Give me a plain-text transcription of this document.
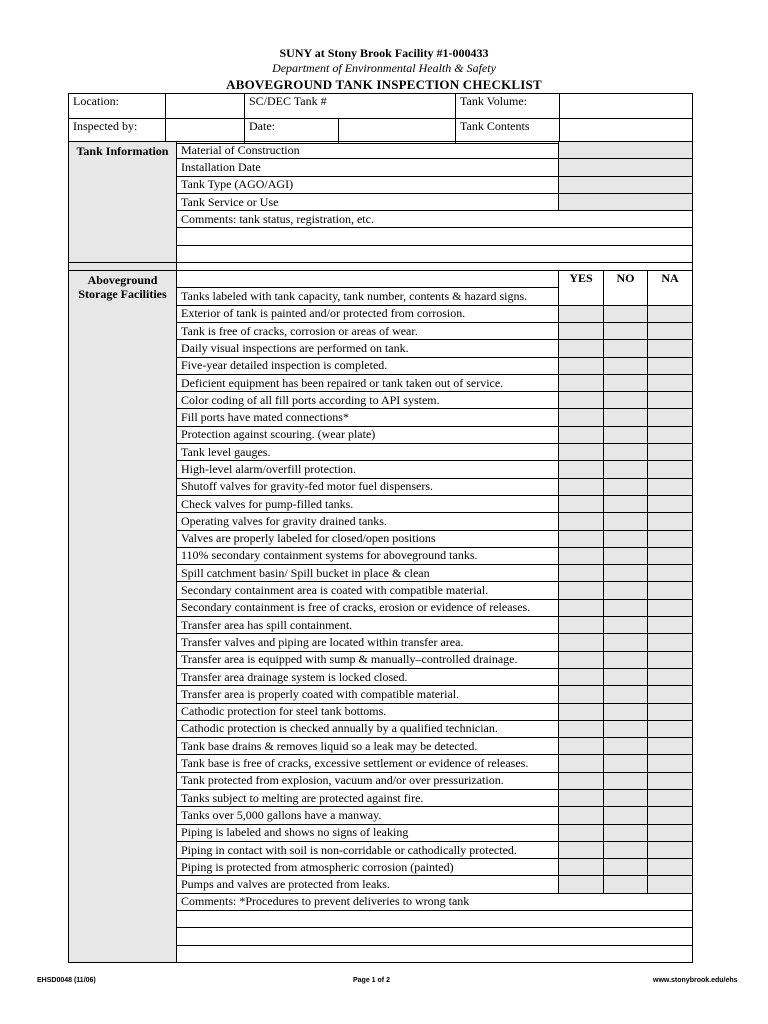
SUNY at Stony Brook Facility #1-000433
Department of Environmental Health & Safety
ABOVEGROUND TANK INSPECTION CHECKLIST
Location:		SC/DEC Tank #		Tank Volume:	
Inspected by:		Date:		Tank Contents	
Tank Information	Material of Construction			
	Installation Date			
	Tank Type (AGO/AGI)			
	Tank Service or Use			
	Comments: tank status, registration, etc.			

Aboveground Storage Facilities		YES	NO	NA
	Tanks labeled with tank capacity, tank number, contents & hazard signs.			
	Exterior of tank is painted and/or protected from corrosion.			
	Tank is free of cracks, corrosion or areas of wear.			
	Daily visual inspections are performed on tank.			
	Five-year detailed inspection is completed.			
	Deficient equipment has been repaired or tank taken out of service.			
	Color coding of all fill ports according to API system.			
	Fill ports have mated connections*			
	Protection against scouring. (wear plate)			
	Tank level gauges.			
	High-level alarm/overfill protection.			
	Shutoff valves for gravity-fed motor fuel dispensers.			
	Check valves for pump-filled tanks.			
	Operating valves for gravity drained tanks.			
	Valves are properly labeled for closed/open positions			
	110% secondary containment systems for aboveground tanks.			
	Spill catchment basin/ Spill bucket in place & clean			
	Secondary containment area is coated with compatible material.			
	Secondary containment is free of cracks, erosion or evidence of releases.			
	Transfer area has spill containment.			
	Transfer valves and piping are located within transfer area.			
	Transfer area is equipped with sump & manually–controlled drainage.			
	Transfer area drainage system is locked closed.			
	Transfer area is properly coated with compatible material.			
	Cathodic protection for steel tank bottoms.			
	Cathodic protection is checked annually by a qualified technician.			
	Tank base drains & removes liquid so a leak may be detected.			
	Tank base is free of cracks, excessive settlement or evidence of releases.			
	Tank protected from explosion, vacuum and/or over pressurization.			
	Tanks subject to melting are protected against fire.			
	Tanks over 5,000 gallons have a manway.			
	Piping is labeled and shows no signs of leaking			
	Piping in contact with soil is non-corridable or cathodically protected.			
	Piping is protected from atmospheric corrosion (painted)			
	Pumps and valves are protected from leaks.			
	Comments: *Procedures to prevent deliveries to wrong tank			

EHSD0048 (11/06)	Page 1 of 2	www.stonybrook.edu/ehs
